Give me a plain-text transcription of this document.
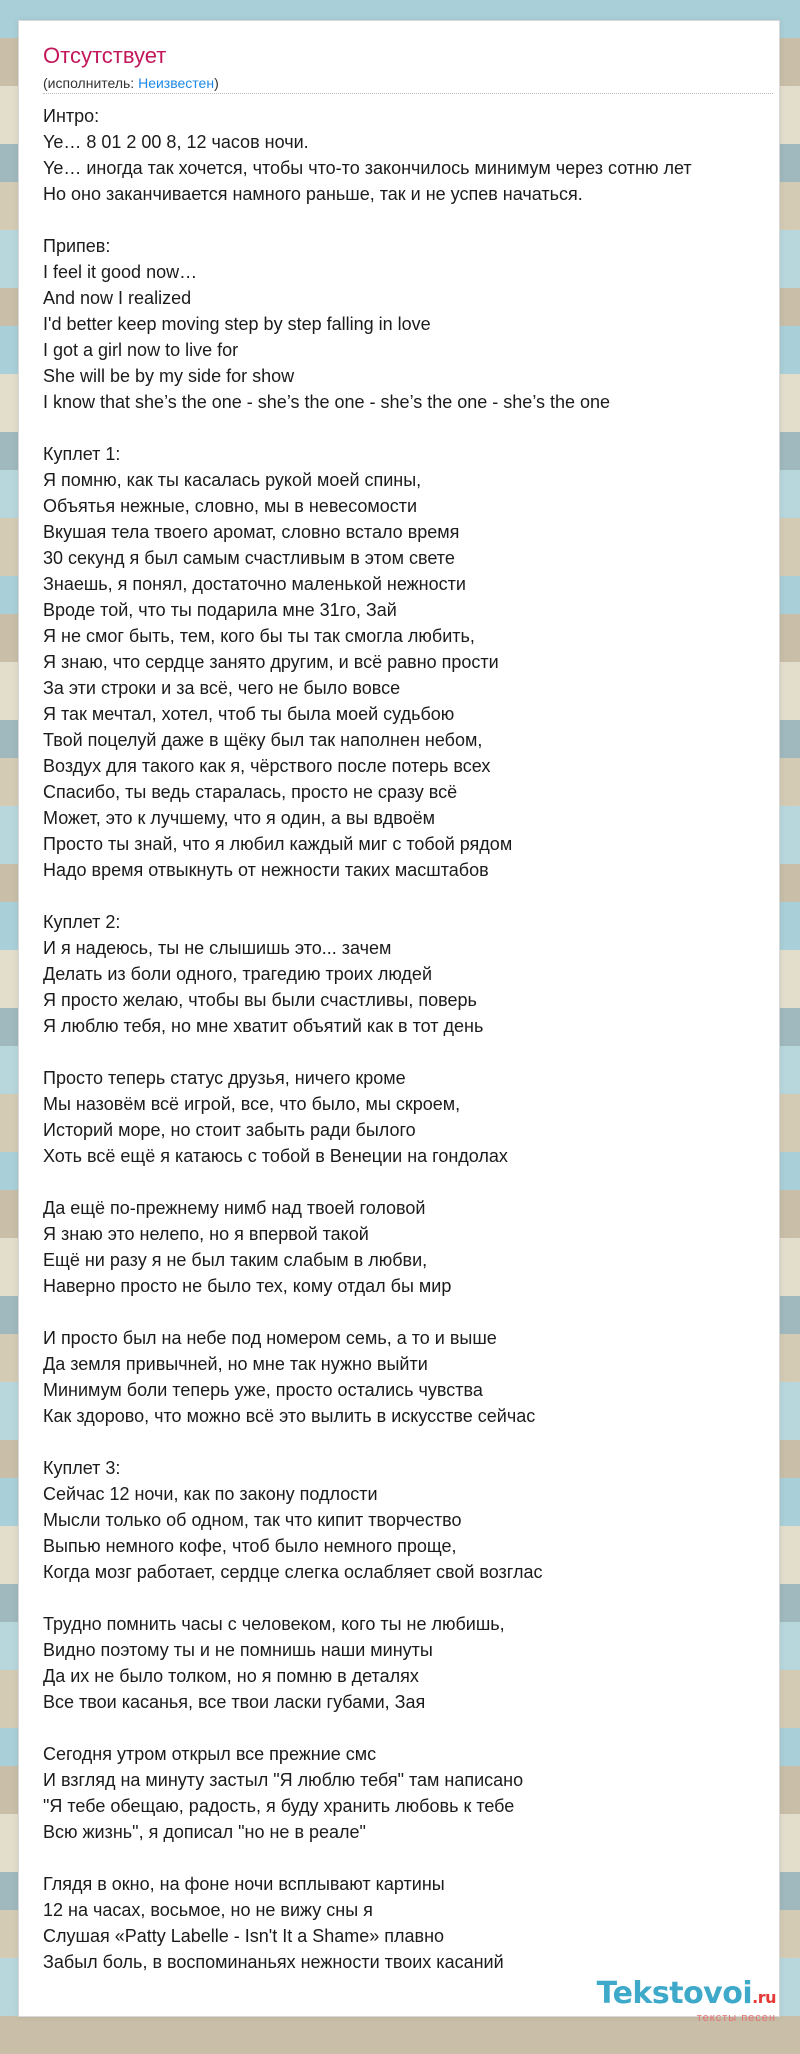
Отсутствует
(исполнитель: Неизвестен)
Интро:
Ye… 8 01 2 00 8, 12 часов ночи.
Ye… иногда так хочется, чтобы что-то закончилось минимум через сотню лет
Но оно заканчивается намного раньше, так и не успев начаться.
Припев:
I feel it good now…
And now I realized
I'd better keep moving step by step falling in love
I got a girl now to live for
She will be by my side for show
I know that she’s the one - she’s the one - she’s the one - she’s the one
Куплет 1:
Я помню, как ты касалась рукой моей спины,
Объятья нежные, словно, мы в невесомости
Вкушая тела твоего аромат, словно встало время
30 секунд я был самым счастливым в этом свете
Знаешь, я понял, достаточно маленькой нежности
Вроде той, что ты подарила мне 31го, Зай
Я не смог быть, тем, кого бы ты так смогла любить,
Я знаю, что сердце занято другим, и всё равно прости
За эти строки и за всё, чего не было вовсе
Я так мечтал, хотел, чтоб ты была моей судьбою
Твой поцелуй даже в щёку был так наполнен небом,
Воздух для такого как я, чёрствого после потерь всех
Спасибо, ты ведь старалась, просто не сразу всё
Может, это к лучшему, что я один, а вы вдвоём
Просто ты знай, что я любил каждый миг с тобой рядом
Надо время отвыкнуть от нежности таких масштабов
Куплет 2:
И я надеюсь, ты не слышишь это... зачем
Делать из боли одного, трагедию троих людей
Я просто желаю, чтобы вы были счастливы, поверь
Я люблю тебя, но мне хватит объятий как в тот день
Просто теперь статус друзья, ничего кроме
Мы назовём всё игрой, все, что было, мы скроем,
Историй море, но стоит забыть ради былого
Хоть всё ещё я катаюсь с тобой в Венеции на гондолах
Да ещё по-прежнему нимб над твоей головой
Я знаю это нелепо, но я впервой такой
Ещё ни разу я не был таким слабым в любви,
Наверно просто не было тех, кому отдал бы мир
И просто был на небе под номером семь, а то и выше
Да земля привычней, но мне так нужно выйти
Минимум боли теперь уже, просто остались чувства
Как здорово, что можно всё это вылить в искусстве сейчас
Куплет 3:
Сейчас 12 ночи, как по закону подлости
Мысли только об одном, так что кипит творчество
Выпью немного кофе, чтоб было немного проще,
Когда мозг работает, сердце слегка ослабляет свой возглас
Трудно помнить часы с человеком, кого ты не любишь,
Видно поэтому ты и не помнишь наши минуты
Да их не было толком, но я помню в деталях
Все твои касанья, все твои ласки губами, Зая
Сегодня утром открыл все прежние смс
И взгляд на минуту застыл "Я люблю тебя" там написано
"Я тебе обещаю, радость, я буду хранить любовь к тебе
Всю жизнь", я дописал "но не в реале"
Глядя в окно, на фоне ночи всплывают картины
12 на часах, восьмое, но не вижу сны я
Слушая «Patty Labelle - Isn't It a Shame» плавно
Забыл боль, в воспоминаньях нежности твоих касаний
Tekstovoi.ru
тексты песен
